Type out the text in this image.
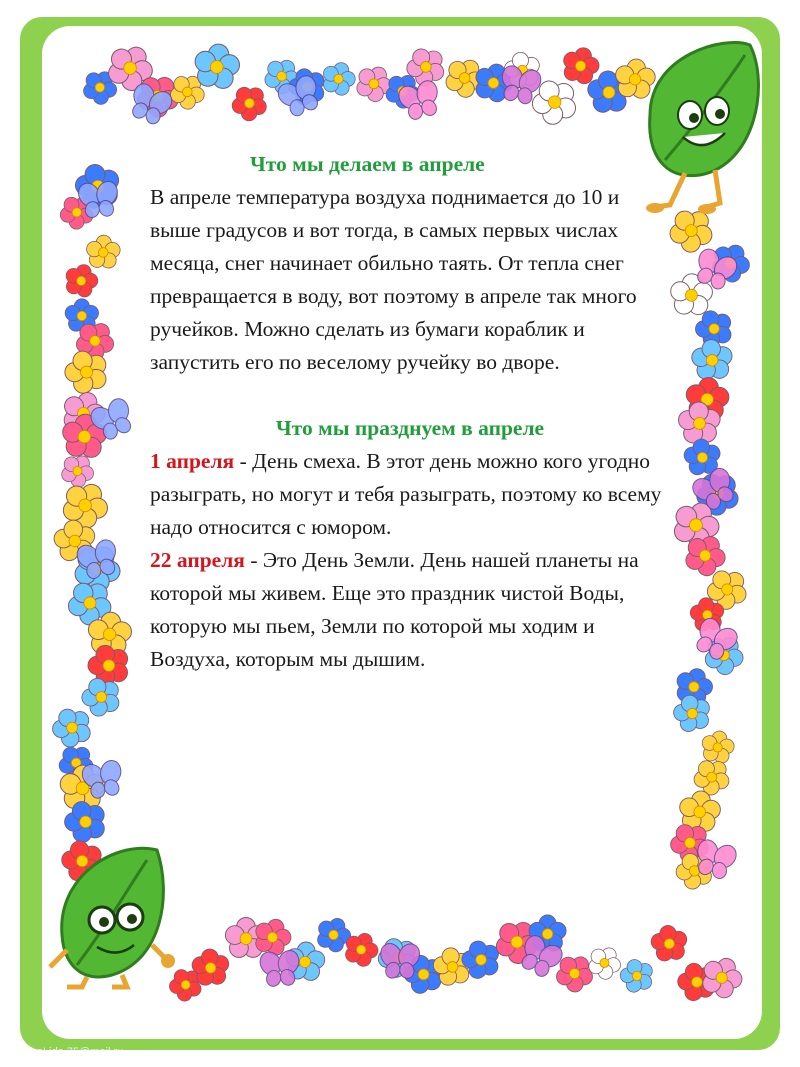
Что мы делаем в апреле

В апреле температура воздуха поднимается до 10 и выше градусов и вот тогда, в самых первых числах месяца, снег начинает обильно таять. От тепла снег превращается в воду, вот поэтому в апреле так много ручейков. Можно сделать из бумаги кораблик и запустить его по веселому ручейку во дворе.

Что мы празднуем в апреле

1 апреля - День смеха. В этот день можно кого угодно разыграть, но могут и тебя разыграть, поэтому ко всему надо относится с юмором.

22 апреля - Это День Земли. День нашей планеты на которой мы живем. Еще это праздник чистой Воды, которую мы пьем, Земли по которой мы ходим и Воздуха, которым мы дышим.

FokinaLida.75@mail.ru
